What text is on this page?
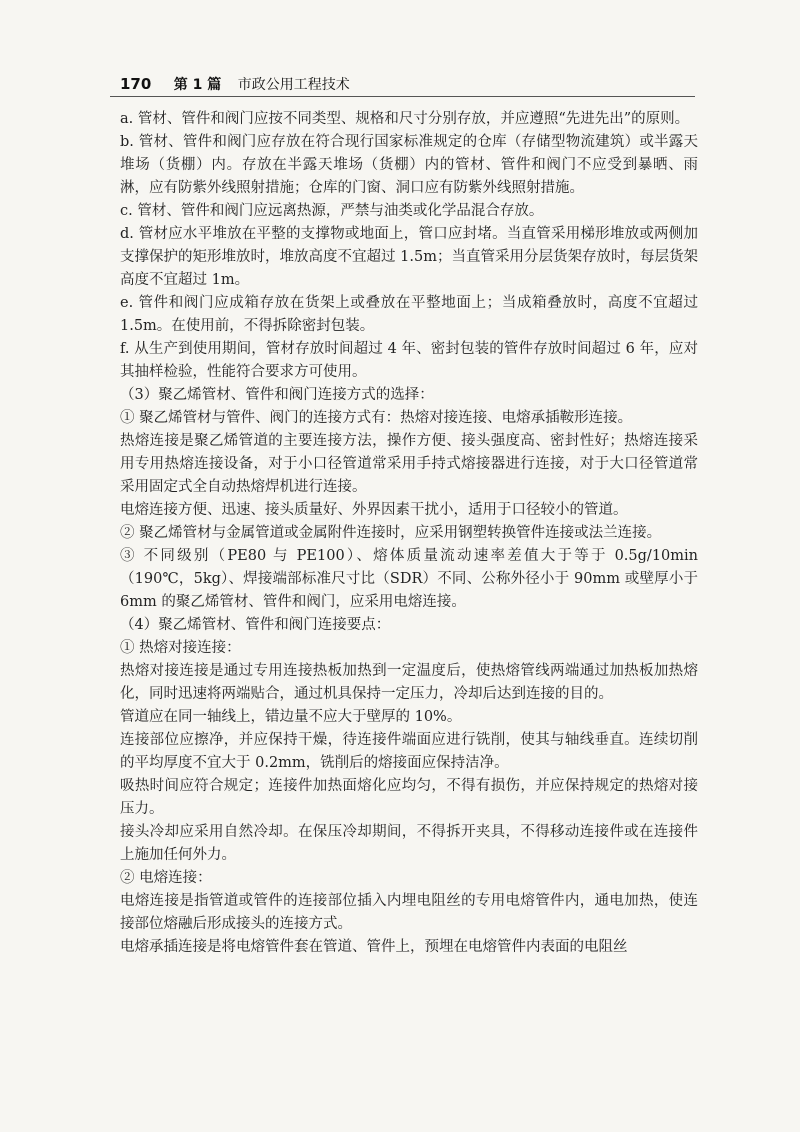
170 第 1 篇 市政公用工程技术

a. 管材、管件和阀门应按不同类型、规格和尺寸分别存放，并应遵照“先进先出”的原则。

b. 管材、管件和阀门应存放在符合现行国家标准规定的仓库（存储型物流建筑）或半露天堆场（货棚）内。存放在半露天堆场（货棚）内的管材、管件和阀门不应受到暴晒、雨淋，应有防紫外线照射措施；仓库的门窗、洞口应有防紫外线照射措施。

c. 管材、管件和阀门应远离热源，严禁与油类或化学品混合存放。

d. 管材应水平堆放在平整的支撑物或地面上，管口应封堵。当直管采用梯形堆放或两侧加支撑保护的矩形堆放时，堆放高度不宜超过 1.5m；当直管采用分层货架存放时，每层货架高度不宜超过 1m。

e. 管件和阀门应成箱存放在货架上或叠放在平整地面上；当成箱叠放时，高度不宜超过 1.5m。在使用前，不得拆除密封包装。

f. 从生产到使用期间，管材存放时间超过 4 年、密封包装的管件存放时间超过 6 年，应对其抽样检验，性能符合要求方可使用。

（3）聚乙烯管材、管件和阀门连接方式的选择：

① 聚乙烯管材与管件、阀门的连接方式有：热熔对接连接、电熔承插鞍形连接。

热熔连接是聚乙烯管道的主要连接方法，操作方便、接头强度高、密封性好；热熔连接采用专用热熔连接设备，对于小口径管道常采用手持式熔接器进行连接，对于大口径管道常采用固定式全自动热熔焊机进行连接。

电熔连接方便、迅速、接头质量好、外界因素干扰小，适用于口径较小的管道。

② 聚乙烯管材与金属管道或金属附件连接时，应采用钢塑转换管件连接或法兰连接。

③ 不同级别（PE80 与 PE100）、熔体质量流动速率差值大于等于 0.5g/10min（190℃，5kg）、焊接端部标准尺寸比（SDR）不同、公称外径小于 90mm 或壁厚小于 6mm 的聚乙烯管材、管件和阀门，应采用电熔连接。

（4）聚乙烯管材、管件和阀门连接要点：

① 热熔对接连接：

热熔对接连接是通过专用连接热板加热到一定温度后，使热熔管线两端通过加热板加热熔化，同时迅速将两端贴合，通过机具保持一定压力，冷却后达到连接的目的。

管道应在同一轴线上，错边量不应大于壁厚的 10%。

连接部位应擦净，并应保持干燥，待连接件端面应进行铣削，使其与轴线垂直。连续切削的平均厚度不宜大于 0.2mm，铣削后的熔接面应保持洁净。

吸热时间应符合规定；连接件加热面熔化应均匀，不得有损伤，并应保持规定的热熔对接压力。

接头冷却应采用自然冷却。在保压冷却期间，不得拆开夹具，不得移动连接件或在连接件上施加任何外力。

② 电熔连接：

电熔连接是指管道或管件的连接部位插入内埋电阻丝的专用电熔管件内，通电加热，使连接部位熔融后形成接头的连接方式。

电熔承插连接是将电熔管件套在管道、管件上，预埋在电熔管件内表面的电阻丝
